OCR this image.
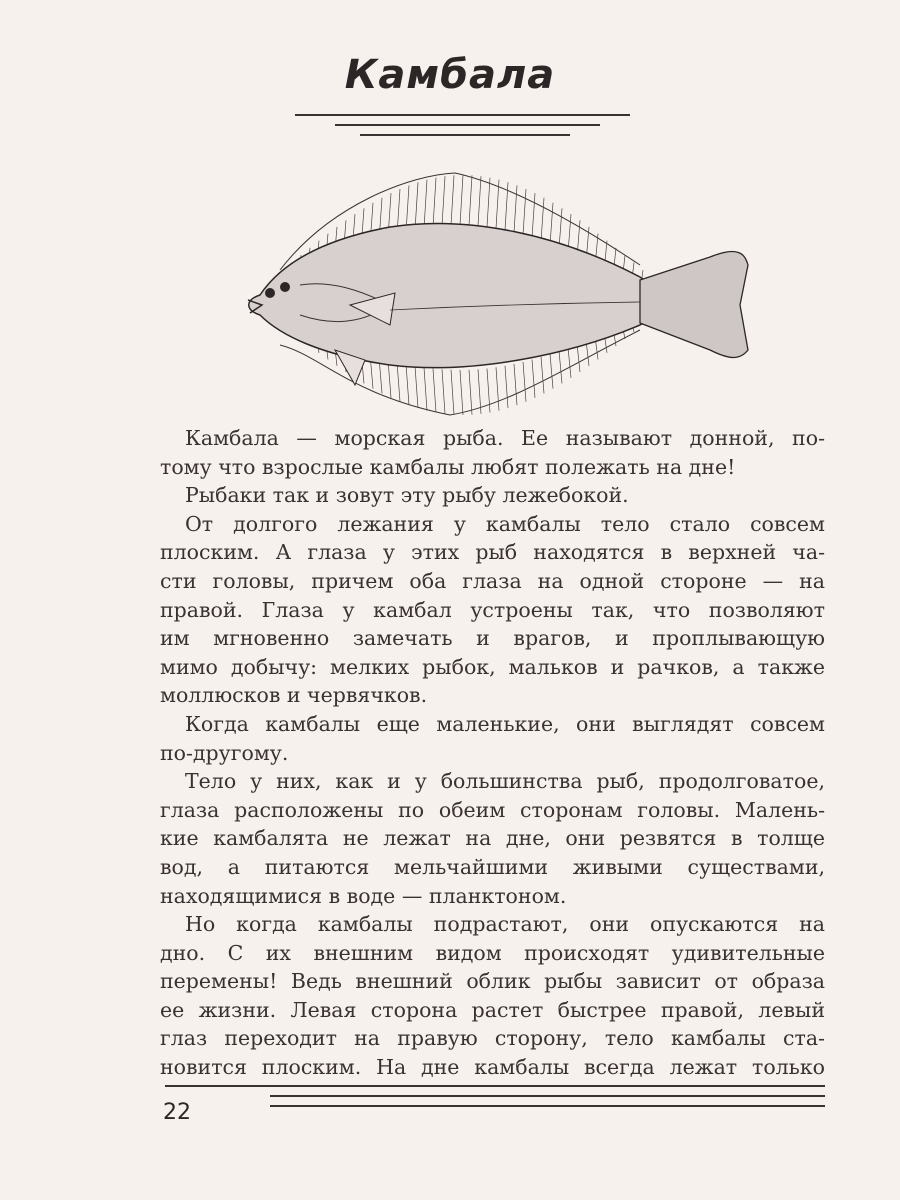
Камбала
Камбала — морская рыба. Ее называют донной, по-
тому что взрослые камбалы любят полежать на дне!
Рыбаки так и зовут эту рыбу лежебокой.
От долгого лежания у камбалы тело стало совсем
плоским. А глаза у этих рыб находятся в верхней ча-
сти головы, причем оба глаза на одной стороне — на
правой. Глаза у камбал устроены так, что позволяют
им мгновенно замечать и врагов, и проплывающую
мимо добычу: мелких рыбок, мальков и рачков, а также
моллюсков и червячков.
Когда камбалы еще маленькие, они выглядят совсем
по-другому.
Тело у них, как и у большинства рыб, продолговатое,
глаза расположены по обеим сторонам головы. Малень-
кие камбалята не лежат на дне, они резвятся в толще
вод, а питаются мельчайшими живыми существами,
находящимися в воде — планктоном.
Но когда камбалы подрастают, они опускаются на
дно. С их внешним видом происходят удивительные
перемены! Ведь внешний облик рыбы зависит от образа
ее жизни. Левая сторона растет быстрее правой, левый
глаз переходит на правую сторону, тело камбалы ста-
новится плоским. На дне камбалы всегда лежат только
22
